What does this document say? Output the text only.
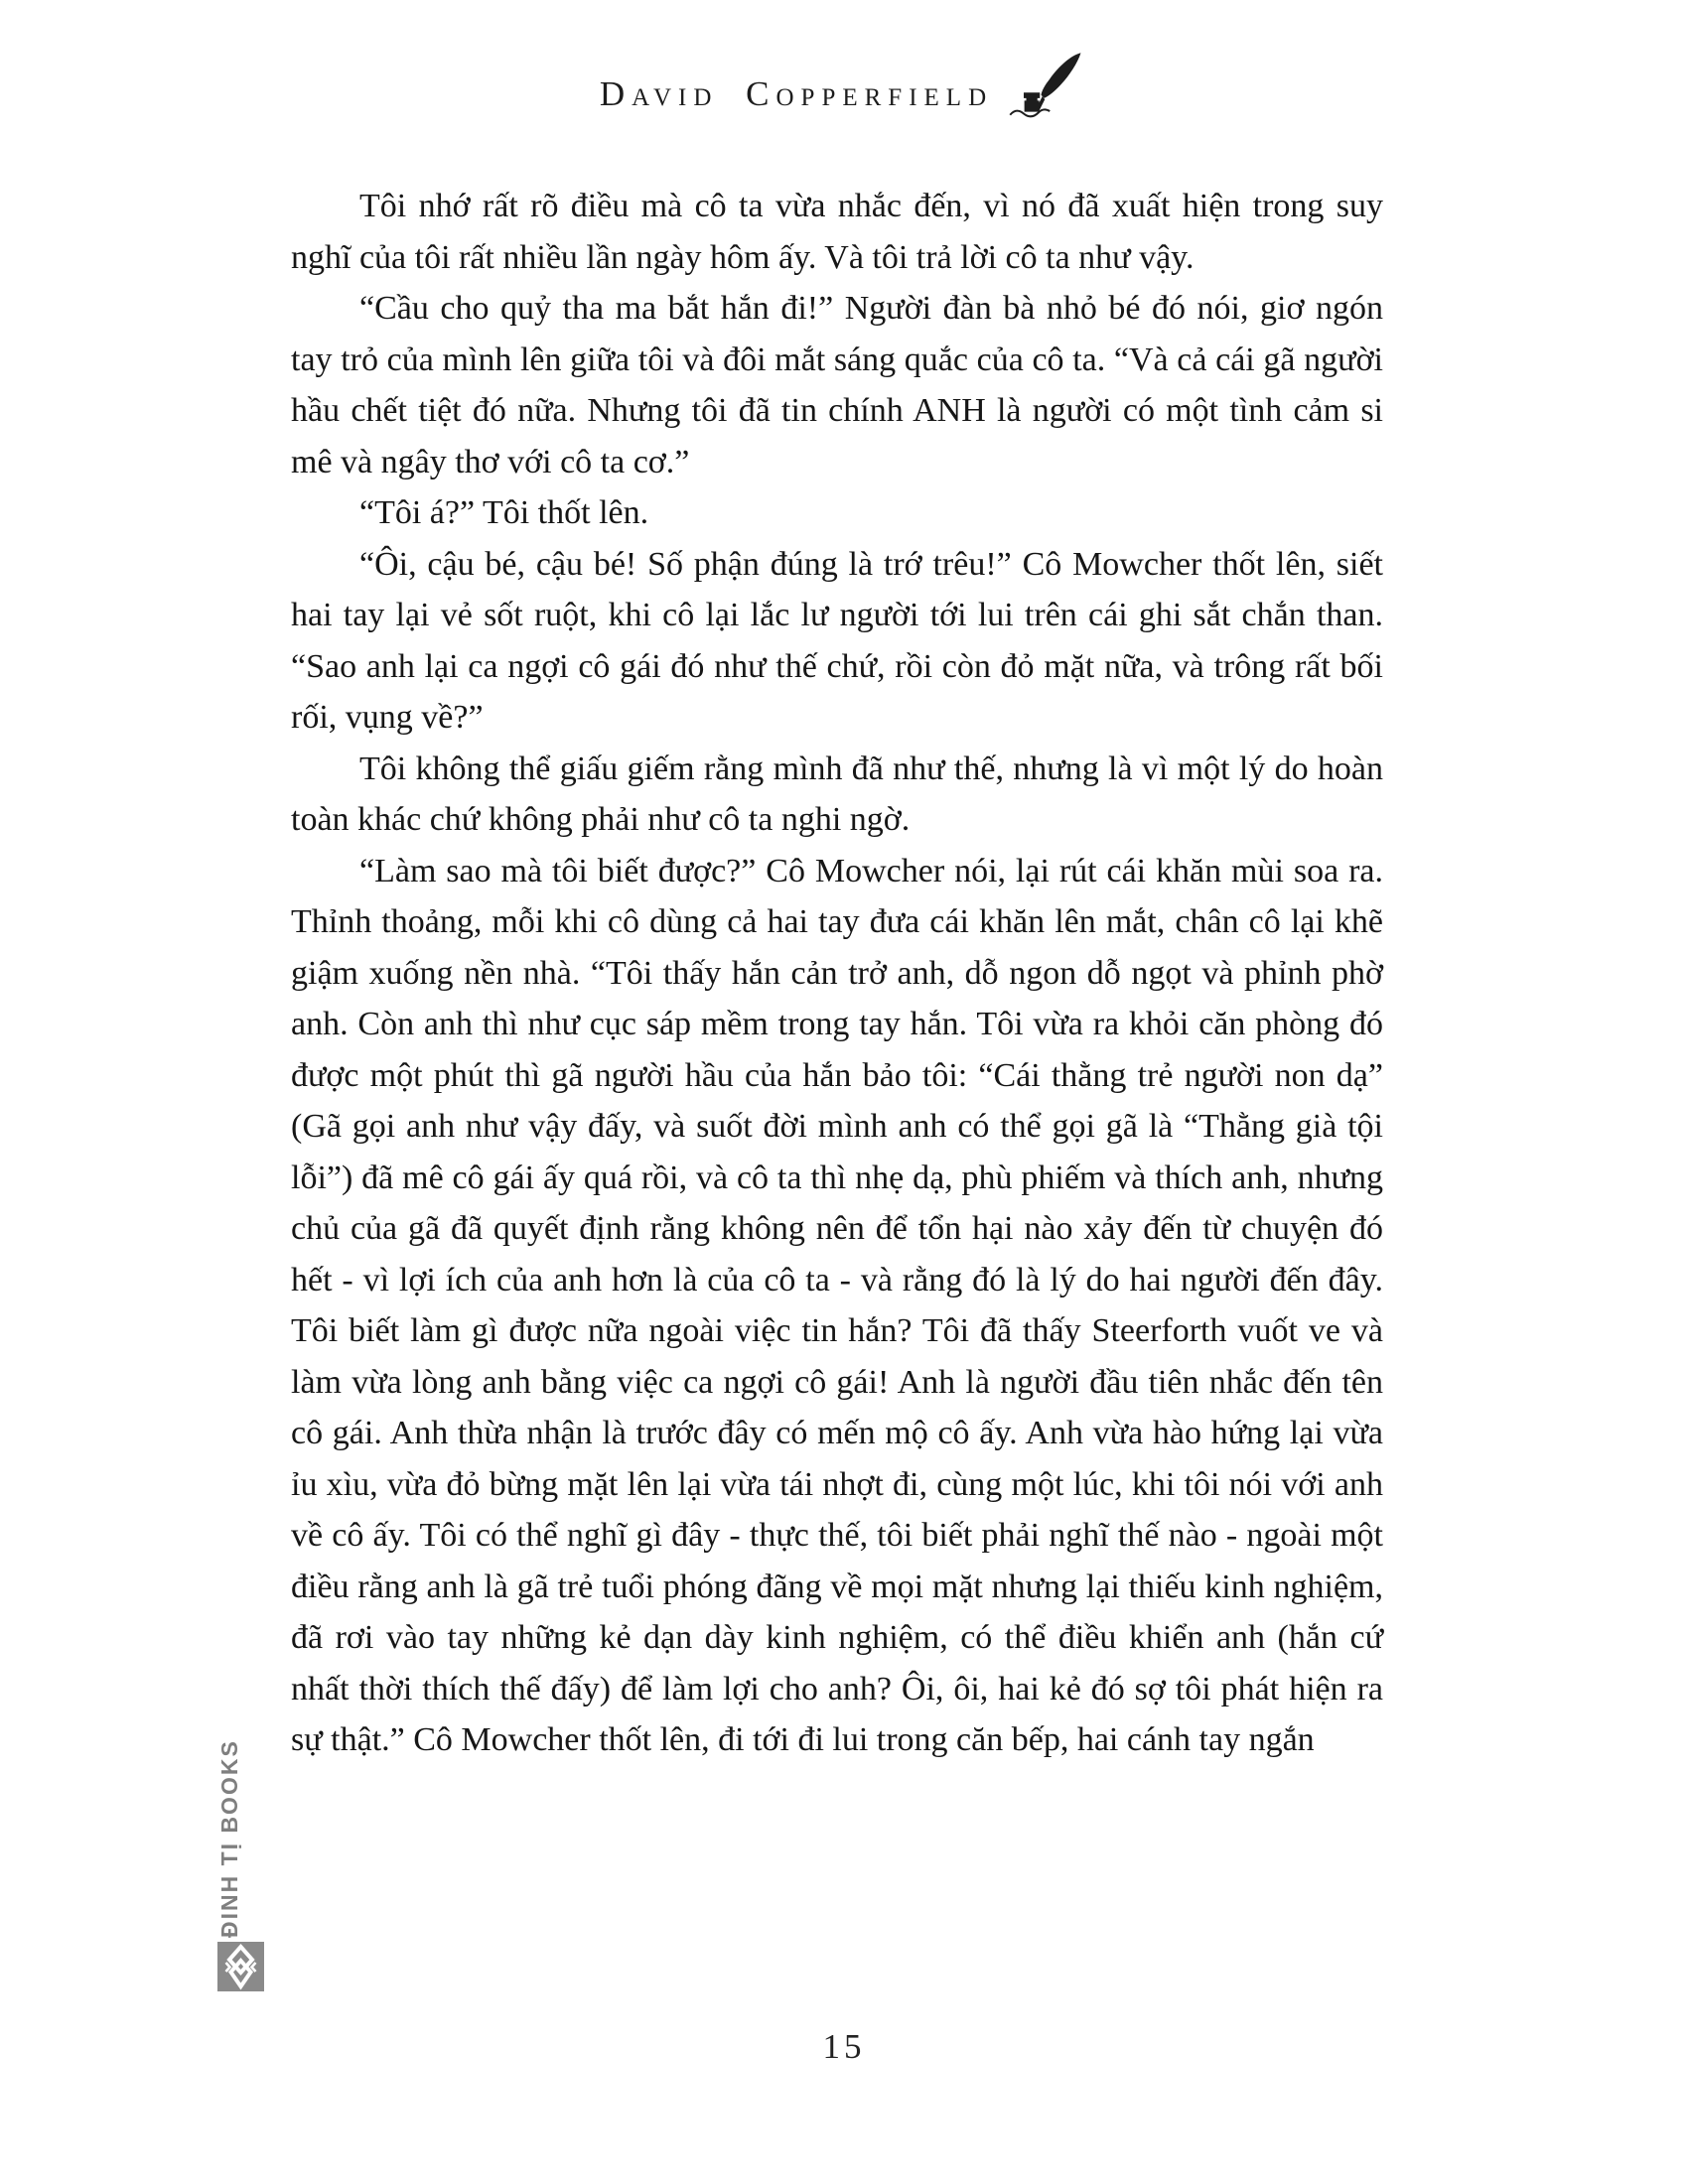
David Copperfield

Tôi nhớ rất rõ điều mà cô ta vừa nhắc đến, vì nó đã xuất hiện trong suy nghĩ của tôi rất nhiều lần ngày hôm ấy. Và tôi trả lời cô ta như vậy.

“Cầu cho quỷ tha ma bắt hắn đi!” Người đàn bà nhỏ bé đó nói, giơ ngón tay trỏ của mình lên giữa tôi và đôi mắt sáng quắc của cô ta. “Và cả cái gã người hầu chết tiệt đó nữa. Nhưng tôi đã tin chính ANH là người có một tình cảm si mê và ngây thơ với cô ta cơ.”

“Tôi á?” Tôi thốt lên.

“Ôi, cậu bé, cậu bé! Số phận đúng là trớ trêu!” Cô Mowcher thốt lên, siết hai tay lại vẻ sốt ruột, khi cô lại lắc lư người tới lui trên cái ghi sắt chắn than. “Sao anh lại ca ngợi cô gái đó như thế chứ, rồi còn đỏ mặt nữa, và trông rất bối rối, vụng về?”

Tôi không thể giấu giếm rằng mình đã như thế, nhưng là vì một lý do hoàn toàn khác chứ không phải như cô ta nghi ngờ.

“Làm sao mà tôi biết được?” Cô Mowcher nói, lại rút cái khăn mùi soa ra. Thỉnh thoảng, mỗi khi cô dùng cả hai tay đưa cái khăn lên mắt, chân cô lại khẽ giậm xuống nền nhà. “Tôi thấy hắn cản trở anh, dỗ ngon dỗ ngọt và phỉnh phờ anh. Còn anh thì như cục sáp mềm trong tay hắn. Tôi vừa ra khỏi căn phòng đó được một phút thì gã người hầu của hắn bảo tôi: “Cái thằng trẻ người non dạ” (Gã gọi anh như vậy đấy, và suốt đời mình anh có thể gọi gã là “Thằng già tội lỗi”) đã mê cô gái ấy quá rồi, và cô ta thì nhẹ dạ, phù phiếm và thích anh, nhưng chủ của gã đã quyết định rằng không nên để tổn hại nào xảy đến từ chuyện đó hết - vì lợi ích của anh hơn là của cô ta - và rằng đó là lý do hai người đến đây. Tôi biết làm gì được nữa ngoài việc tin hắn? Tôi đã thấy Steerforth vuốt ve và làm vừa lòng anh bằng việc ca ngợi cô gái! Anh là người đầu tiên nhắc đến tên cô gái. Anh thừa nhận là trước đây có mến mộ cô ấy. Anh vừa hào hứng lại vừa ỉu xìu, vừa đỏ bừng mặt lên lại vừa tái nhợt đi, cùng một lúc, khi tôi nói với anh về cô ấy. Tôi có thể nghĩ gì đây - thực thế, tôi biết phải nghĩ thế nào - ngoài một điều rằng anh là gã trẻ tuổi phóng đãng về mọi mặt nhưng lại thiếu kinh nghiệm, đã rơi vào tay những kẻ dạn dày kinh nghiệm, có thể điều khiển anh (hắn cứ nhất thời thích thế đấy) để làm lợi cho anh? Ôi, ôi, hai kẻ đó sợ tôi phát hiện ra sự thật.” Cô Mowcher thốt lên, đi tới đi lui trong căn bếp, hai cánh tay ngắn

ĐINH TỊ BOOKS
15
